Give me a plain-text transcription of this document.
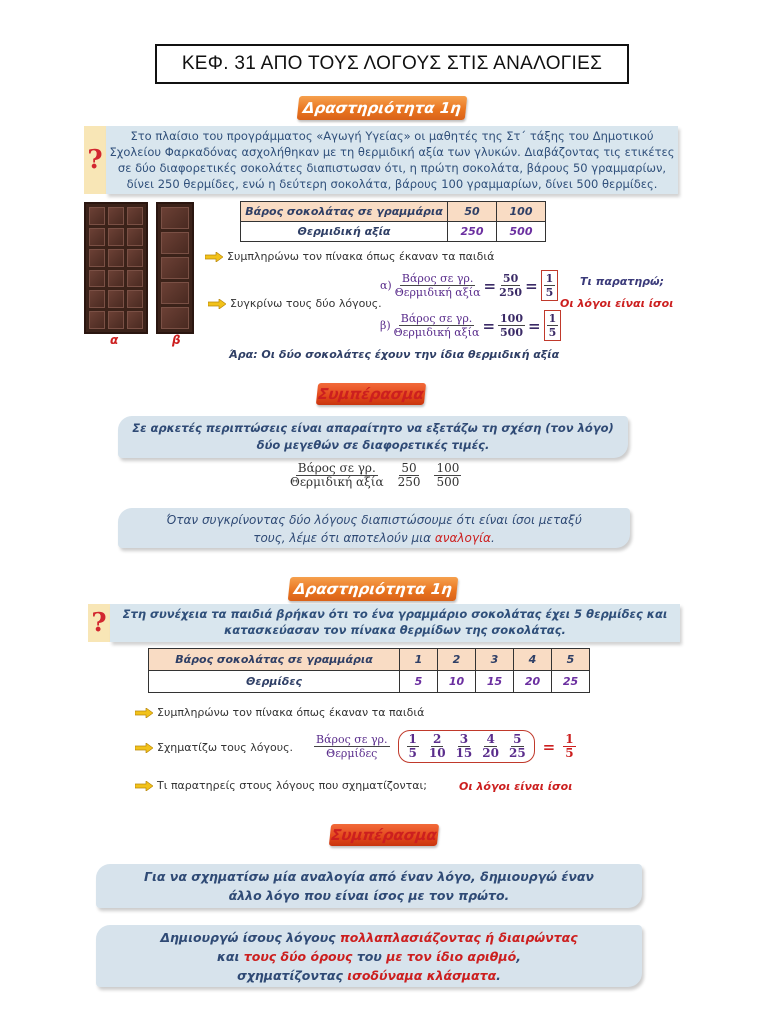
ΚΕΦ. 31 ΑΠΟ ΤΟΥΣ ΛΟΓΟΥΣ ΣΤΙΣ ΑΝΑΛΟΓΙΕΣ
Δραστηριότητα 1η
?
Στο πλαίσιο του προγράμματος «Αγωγή Υγείας» οι μαθητές της Στ΄ τάξης του Δημοτικού
Σχολείου Φαρκαδόνας ασχολήθηκαν με τη θερμιδική αξία των γλυκών. Διαβάζοντας τις ετικέτες
σε δύο διαφορετικές σοκολάτες διαπιστωσαν ότι, η πρώτη σοκολάτα, βάρους 50 γραμμαρίων,
δίνει 250 θερμίδες, ενώ η δεύτερη σοκολάτα, βάρους 100 γραμμαρίων, δίνει 500 θερμίδες.
α	β
Βάρος σοκολάτας σε γραμμάρια	50	100
Θερμιδική αξία	250	500
Συμπληρώνω τον πίνακα όπως έκαναν τα παιδιά
Συγκρίνω τους δύο λόγους.
$\alpha) \frac{\text{Βάρος σε γρ.}}{\text{Θερμιδική αξία}} = \frac{50}{250} = \frac{1}{5}$
$\beta) \frac{\text{Βάρος σε γρ.}}{\text{Θερμιδική αξία}} = \frac{100}{500} = \frac{1}{5}$
Τι παρατηρώ;
Οι λόγοι είναι ίσοι
Άρα: Οι δύο σοκολάτες έχουν την ίδια θερμιδική αξία
Συμπέρασμα
Σε αρκετές περιπτώσεις είναι απαραίτητο να εξετάζω τη σχέση (τον λόγο)
δύο μεγεθών σε διαφορετικές τιμές.
$\frac{\text{Βάρος σε γρ.}}{\text{Θερμιδική αξία}} \frac{50}{250} \frac{100}{500}$
Όταν συγκρίνοντας δύο λόγους διαπιστώσουμε ότι είναι ίσοι μεταξύ
τους, λέμε ότι αποτελούν μια αναλογία.
Δραστηριότητα 1η
?	Στη συνέχεια τα παιδιά βρήκαν ότι το ένα γραμμάριο σοκολάτας έχει 5 θερμίδες και
κατασκεύασαν τον πίνακα θερμίδων της σοκολάτας.
Βάρος σοκολάτας σε γραμμάρια	1	2	3	4	5
Θερμίδες	5	10	15	20	25
Συμπληρώνω τον πίνακα όπως έκαναν τα παιδιά
Σχηματίζω τους λόγους. $\frac{\text{Βάρος σε γρ.}}{\text{Θερμίδες}} \frac{1}{5} \frac{2}{10} \frac{3}{15} \frac{4}{20} \frac{5}{25} = \frac{1}{5}$
Τι παρατηρείς στους λόγους που σχηματίζονται;	Οι λόγοι είναι ίσοι
Συμπέρασμα
Για να σχηματίσω μία αναλογία από έναν λόγο, δημιουργώ έναν
άλλο λόγο που είναι ίσος με τον πρώτο.
Δημιουργώ ίσους λόγους πολλαπλασιάζοντας ή διαιρώντας
και τους δύο όρους του με τον ίδιο αριθμό,
σχηματίζοντας ισοδύναμα κλάσματα.
